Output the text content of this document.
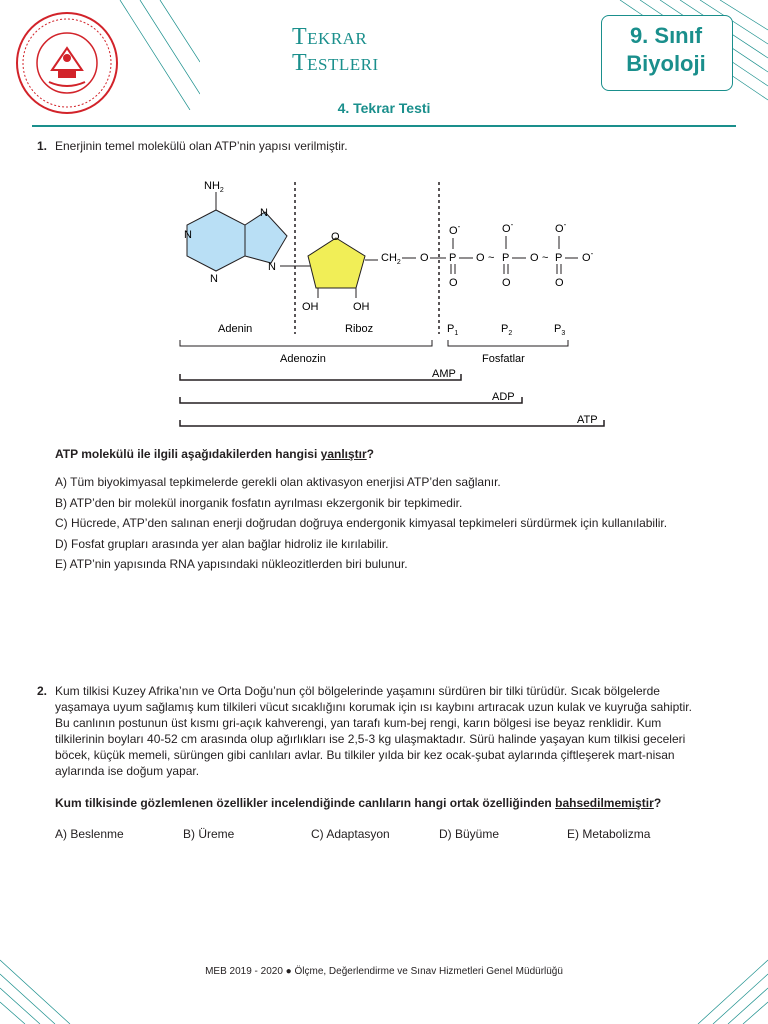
Tekrar
Testleri
9. Sınıf
Biyoloji
4. Tekrar Testi
1. Enerjinin temel molekülü olan ATP’nin yapısı verilmiştir.
$NH_2$
N
N
N
N
O
OH	OH
$CH_2$ O P O ~ P O ~ P O-
O-	O-	O-
O	O	O
Adenin	Riboz	$P_1$	$P_2$	$P_3$
Adenozin	Fosfatlar
AMP
ADP
ATP
ATP molekülü ile ilgili aşağıdakilerden hangisi yanlıştır?
A) Tüm biyokimyasal tepkimelerde gerekli olan aktivasyon enerjisi ATP’den sağlanır.
B) ATP’den bir molekül inorganik fosfatın ayrılması ekzergonik bir tepkimedir.
C) Hücrede, ATP’den salınan enerji doğrudan doğruya endergonik kimyasal tepkimeleri sürdürmek için kullanılabilir.
D) Fosfat grupları arasında yer alan bağlar hidroliz ile kırılabilir.
E) ATP’nin yapısında RNA yapısındaki nükleozitlerden biri bulunur.
2. Kum tilkisi Kuzey Afrika’nın ve Orta Doğu’nun çöl bölgelerinde yaşamını sürdüren bir tilki türüdür. Sıcak bölgelerde
yaşamaya uyum sağlamış kum tilkileri vücut sıcaklığını korumak için ısı kaybını artıracak uzun kulak ve kuyruğa sahiptir.
Bu canlının postunun üst kısmı gri-açık kahverengi, yan tarafı kum-bej rengi, karın bölgesi ise beyaz renklidir. Kum
tilkilerinin boyları 40-52 cm arasında olup ağırlıkları ise 2,5-3 kg ulaşmaktadır. Sürü halinde yaşayan kum tilkisi geceleri
böcek, küçük memeli, sürüngen gibi canlıları avlar. Bu tilkiler yılda bir kez ocak-şubat aylarında çiftleşerek mart-nisan
aylarında ise doğum yapar.
Kum tilkisinde gözlemlenen özellikler incelendiğinde canlıların hangi ortak özelliğinden bahsedilmemiştir?
A) Beslenme	B) Üreme	C) Adaptasyon	D) Büyüme	E) Metabolizma
MEB 2019 - 2020 ● Ölçme, Değerlendirme ve Sınav Hizmetleri Genel Müdürlüğü
